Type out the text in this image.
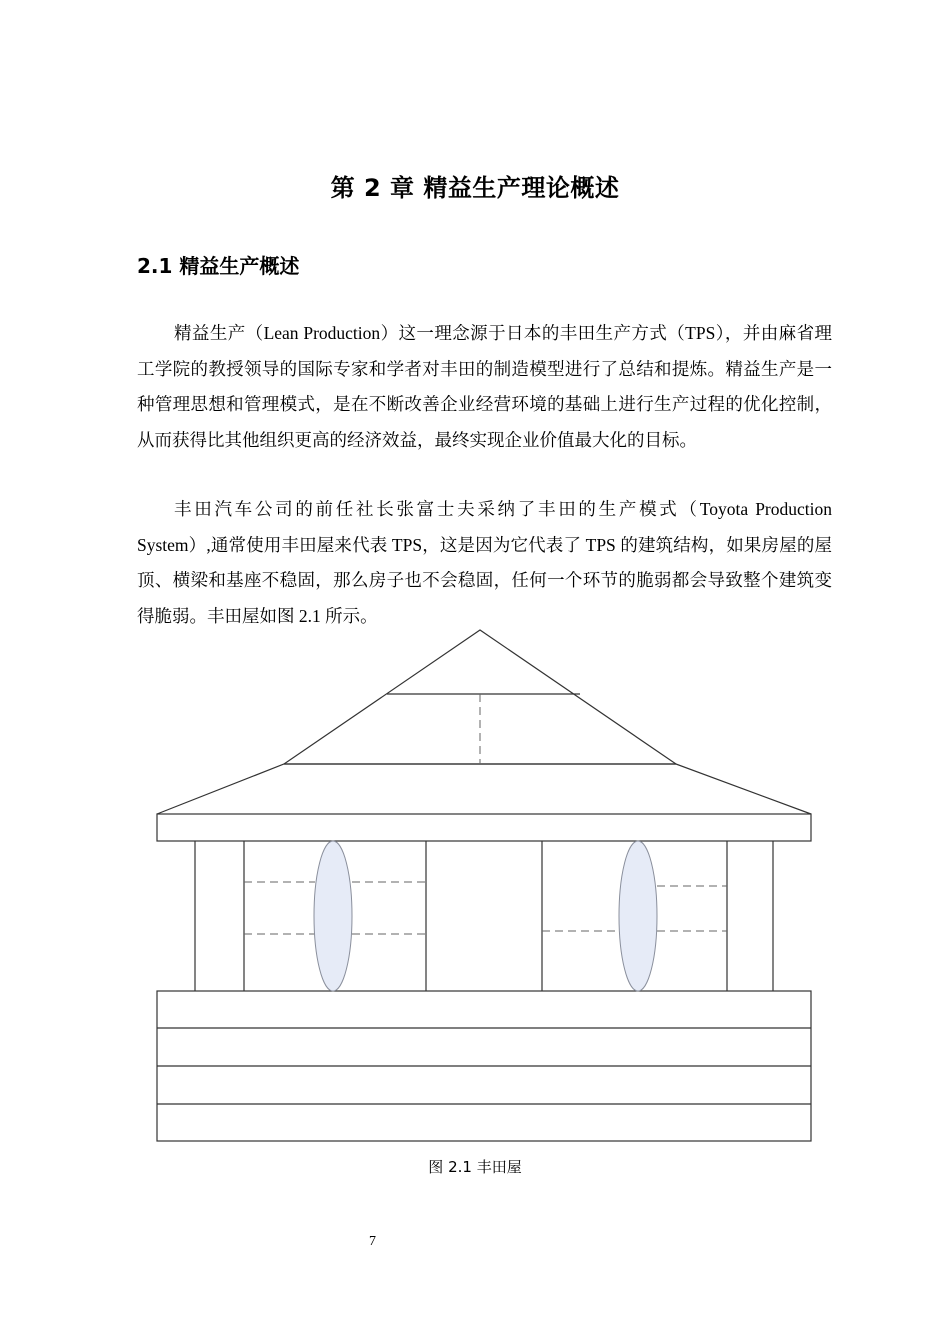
第 2 章 精益生产理论概述
2.1 精益生产概述

精益生产（Lean Production）这一理念源于日本的丰田生产方式（TPS），并由麻省理工学院的教授领导的国际专家和学者对丰田的制造模型进行了总结和提炼。精益生产是一种管理思想和管理模式，是在不断改善企业经营环境的基础上进行生产过程的优化控制，从而获得比其他组织更高的经济效益，最终实现企业价值最大化的目标。

丰田汽车公司的前任社长张富士夫采纳了丰田的生产模式（Toyota Production System）,通常使用丰田屋来代表 TPS，这是因为它代表了 TPS 的建筑结构，如果房屋的屋顶、横梁和基座不稳固，那么房子也不会稳固，任何一个环节的脆弱都会导致整个建筑变得脆弱。丰田屋如图 2.1 所示。

图 2.1 丰田屋
7
